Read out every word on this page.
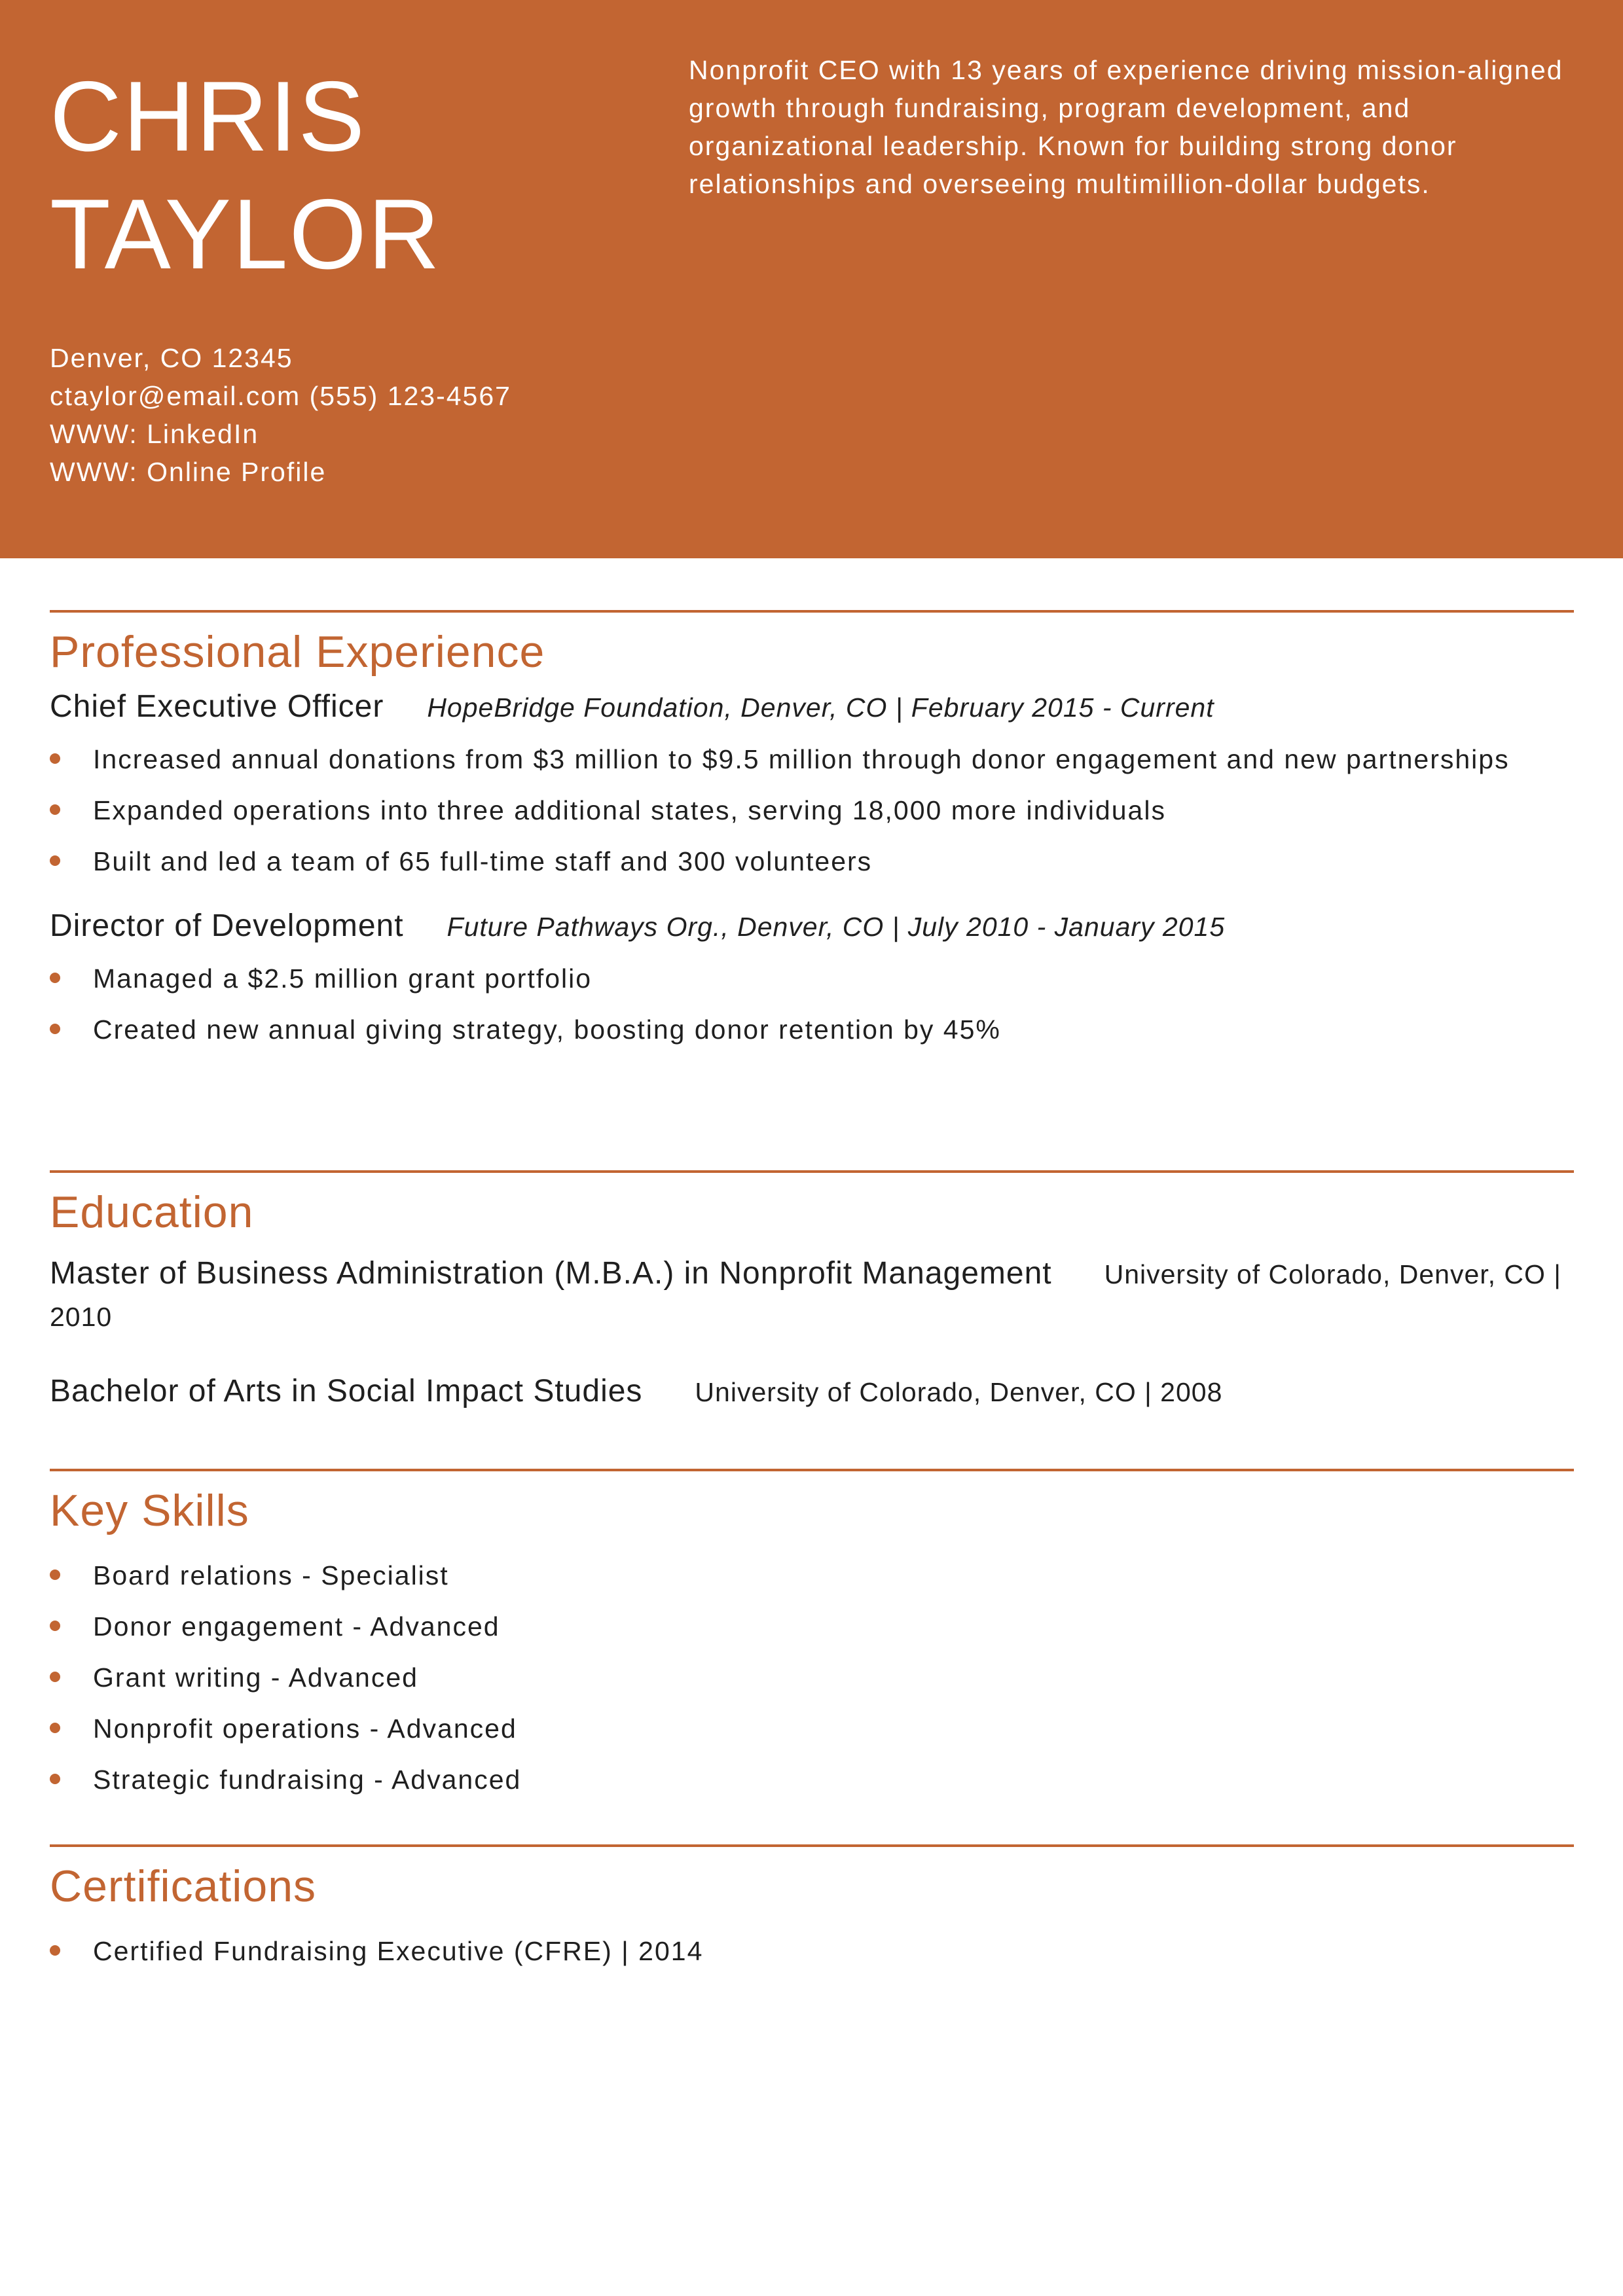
CHRIS
TAYLOR
Nonprofit CEO with 13 years of experience driving mission-aligned growth through fundraising, program development, and organizational leadership. Known for building strong donor relationships and overseeing multimillion-dollar budgets.
Denver, CO 12345
ctaylor@email.com (555) 123-4567
WWW: LinkedIn
WWW: Online Profile
Professional Experience
Chief Executive Officer HopeBridge Foundation, Denver, CO | February 2015 - Current
Increased annual donations from $3 million to $9.5 million through donor engagement and new partnerships
Expanded operations into three additional states, serving 18,000 more individuals
Built and led a team of 65 full-time staff and 300 volunteers
Director of Development Future Pathways Org., Denver, CO | July 2010 - January 2015
Managed a $2.5 million grant portfolio
Created new annual giving strategy, boosting donor retention by 45%
Education
Master of Business Administration (M.B.A.) in Nonprofit Management University of Colorado, Denver, CO | 2010
Bachelor of Arts in Social Impact Studies University of Colorado, Denver, CO | 2008
Key Skills
Board relations - Specialist
Donor engagement - Advanced
Grant writing - Advanced
Nonprofit operations - Advanced
Strategic fundraising - Advanced
Certifications
Certified Fundraising Executive (CFRE) | 2014
